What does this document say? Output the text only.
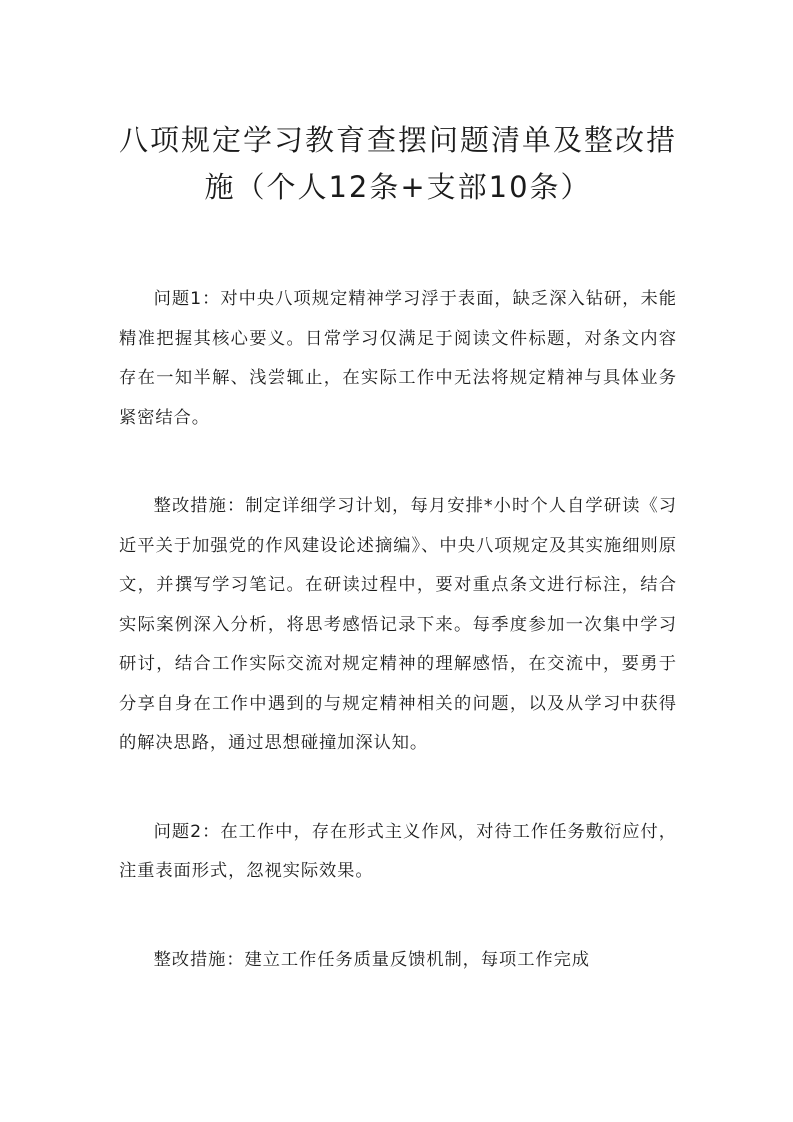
八项规定学习教育查摆问题清单及整改措施（个人12条+支部10条）

问题1：对中央八项规定精神学习浮于表面，缺乏深入钻研，未能精准把握其核心要义。日常学习仅满足于阅读文件标题，对条文内容存在一知半解、浅尝辄止，在实际工作中无法将规定精神与具体业务紧密结合。

整改措施：制定详细学习计划，每月安排*小时个人自学研读《习近平关于加强党的作风建设论述摘编》、中央八项规定及其实施细则原文，并撰写学习笔记。在研读过程中，要对重点条文进行标注，结合实际案例深入分析，将思考感悟记录下来。每季度参加一次集中学习研讨，结合工作实际交流对规定精神的理解感悟，在交流中，要勇于分享自身在工作中遇到的与规定精神相关的问题，以及从学习中获得的解决思路，通过思想碰撞加深认知。

问题2：在工作中，存在形式主义作风，对待工作任务敷衍应付，注重表面形式，忽视实际效果。

整改措施：建立工作任务质量反馈机制，每项工作完成
